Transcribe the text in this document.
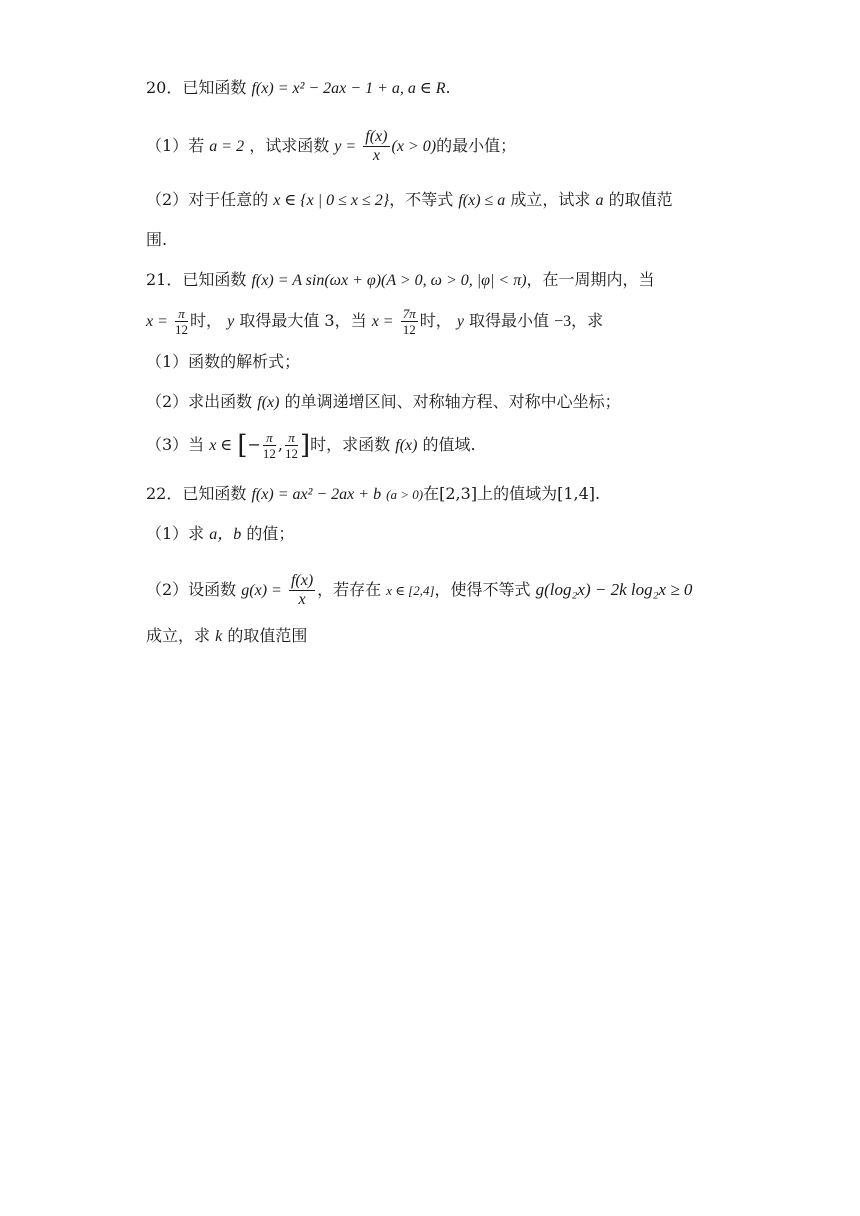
20．已知函数 f(x) = x² − 2ax − 1 + a, a ∈ R.
（1）若 a = 2 ，试求函数 $y = \frac{f(x)}{x} (x > 0)$的最小值；
（2）对于任意的 x ∈ {x | 0 ≤ x ≤ 2}，不等式 f(x) ≤ a 成立，试求 a 的取值范
围.
21．已知函数 f(x) = A sin(ωx + φ)(A > 0, ω > 0, |φ| < π)，在一周期内，当
$x = \frac{\pi}{12}$ 时， y 取得最大值 3，当 $x = \frac{7\pi}{12}$ 时， y 取得最小值 −3，求
（1）函数的解析式；
（2）求出函数 f(x) 的单调递增区间、对称轴方程、对称中心坐标；
（3）当 x ∈ [− $\frac{\pi}{12}$ , $\frac{\pi}{12}$ ]时，求函数 f(x) 的值域.
22．已知函数 f(x) = ax² − 2ax + b (a > 0)在[2,3]上的值域为[1,4].
（1）求 a，b 的值；
（2）设函数 $g(x) = \frac{f(x)}{x}$ ，若存在 x ∈ [2,4]，使得不等式 g(log₂x) − 2k log₂x ≥ 0
成立，求 k 的取值范围
